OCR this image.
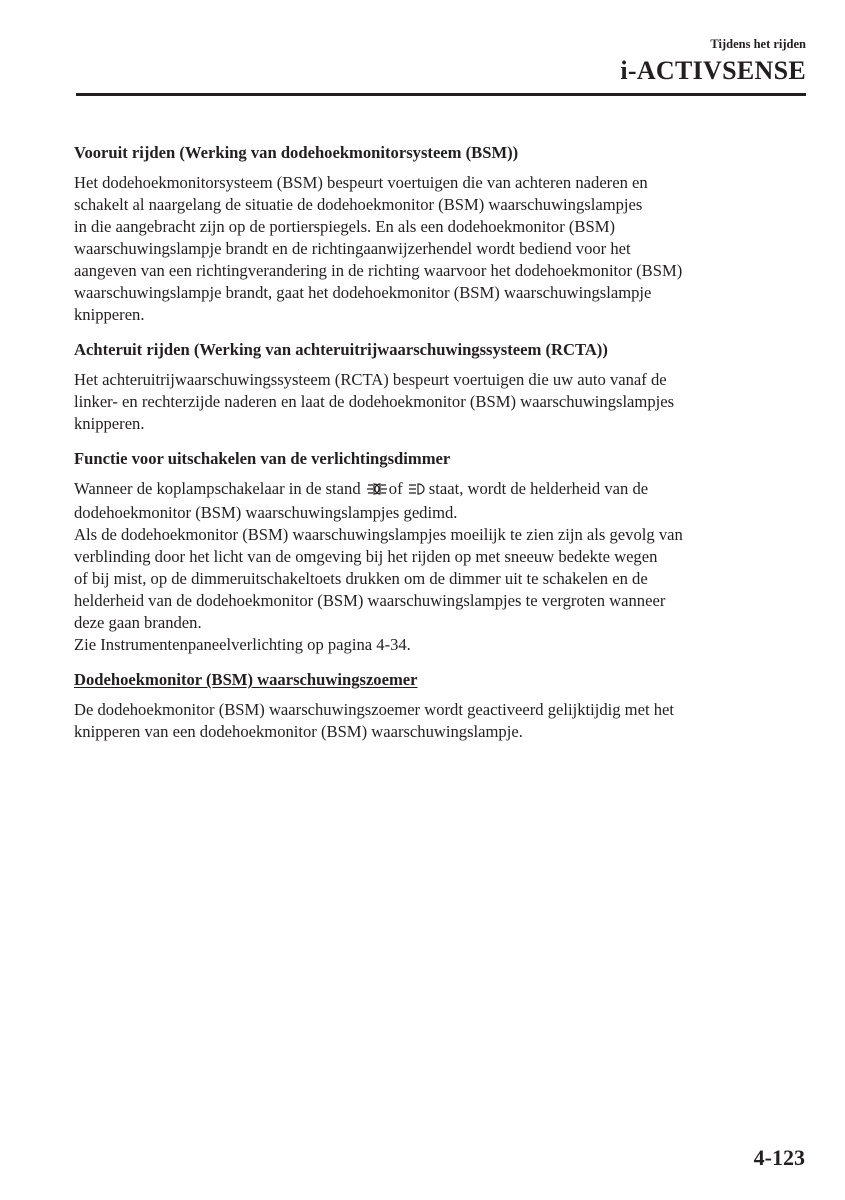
Tijdens het rijden
i-ACTIVSENSE
Vooruit rijden (Werking van dodehoekmonitorsysteem (BSM))

Het dodehoekmonitorsysteem (BSM) bespeurt voertuigen die van achteren naderen en
schakelt al naargelang de situatie de dodehoekmonitor (BSM) waarschuwingslampjes
in die aangebracht zijn op de portierspiegels. En als een dodehoekmonitor (BSM)
waarschuwingslampje brandt en de richtingaanwijzerhendel wordt bediend voor het
aangeven van een richtingverandering in de richting waarvoor het dodehoekmonitor (BSM)
waarschuwingslampje brandt, gaat het dodehoekmonitor (BSM) waarschuwingslampje
knipperen.

Achteruit rijden (Werking van achteruitrijwaarschuwingssysteem (RCTA))

Het achteruitrijwaarschuwingssysteem (RCTA) bespeurt voertuigen die uw auto vanaf de
linker- en rechterzijde naderen en laat de dodehoekmonitor (BSM) waarschuwingslampjes
knipperen.

Functie voor uitschakelen van de verlichtingsdimmer

Wanneer de koplampschakelaar in de stand of staat, wordt de helderheid van de
dodehoekmonitor (BSM) waarschuwingslampjes gedimd.
Als de dodehoekmonitor (BSM) waarschuwingslampjes moeilijk te zien zijn als gevolg van
verblinding door het licht van de omgeving bij het rijden op met sneeuw bedekte wegen
of bij mist, op de dimmeruitschakeltoets drukken om de dimmer uit te schakelen en de
helderheid van de dodehoekmonitor (BSM) waarschuwingslampjes te vergroten wanneer
deze gaan branden.
Zie Instrumentenpaneelverlichting op pagina 4-34.

Dodehoekmonitor (BSM) waarschuwingszoemer

De dodehoekmonitor (BSM) waarschuwingszoemer wordt geactiveerd gelijktijdig met het
knipperen van een dodehoekmonitor (BSM) waarschuwingslampje.

4-123
